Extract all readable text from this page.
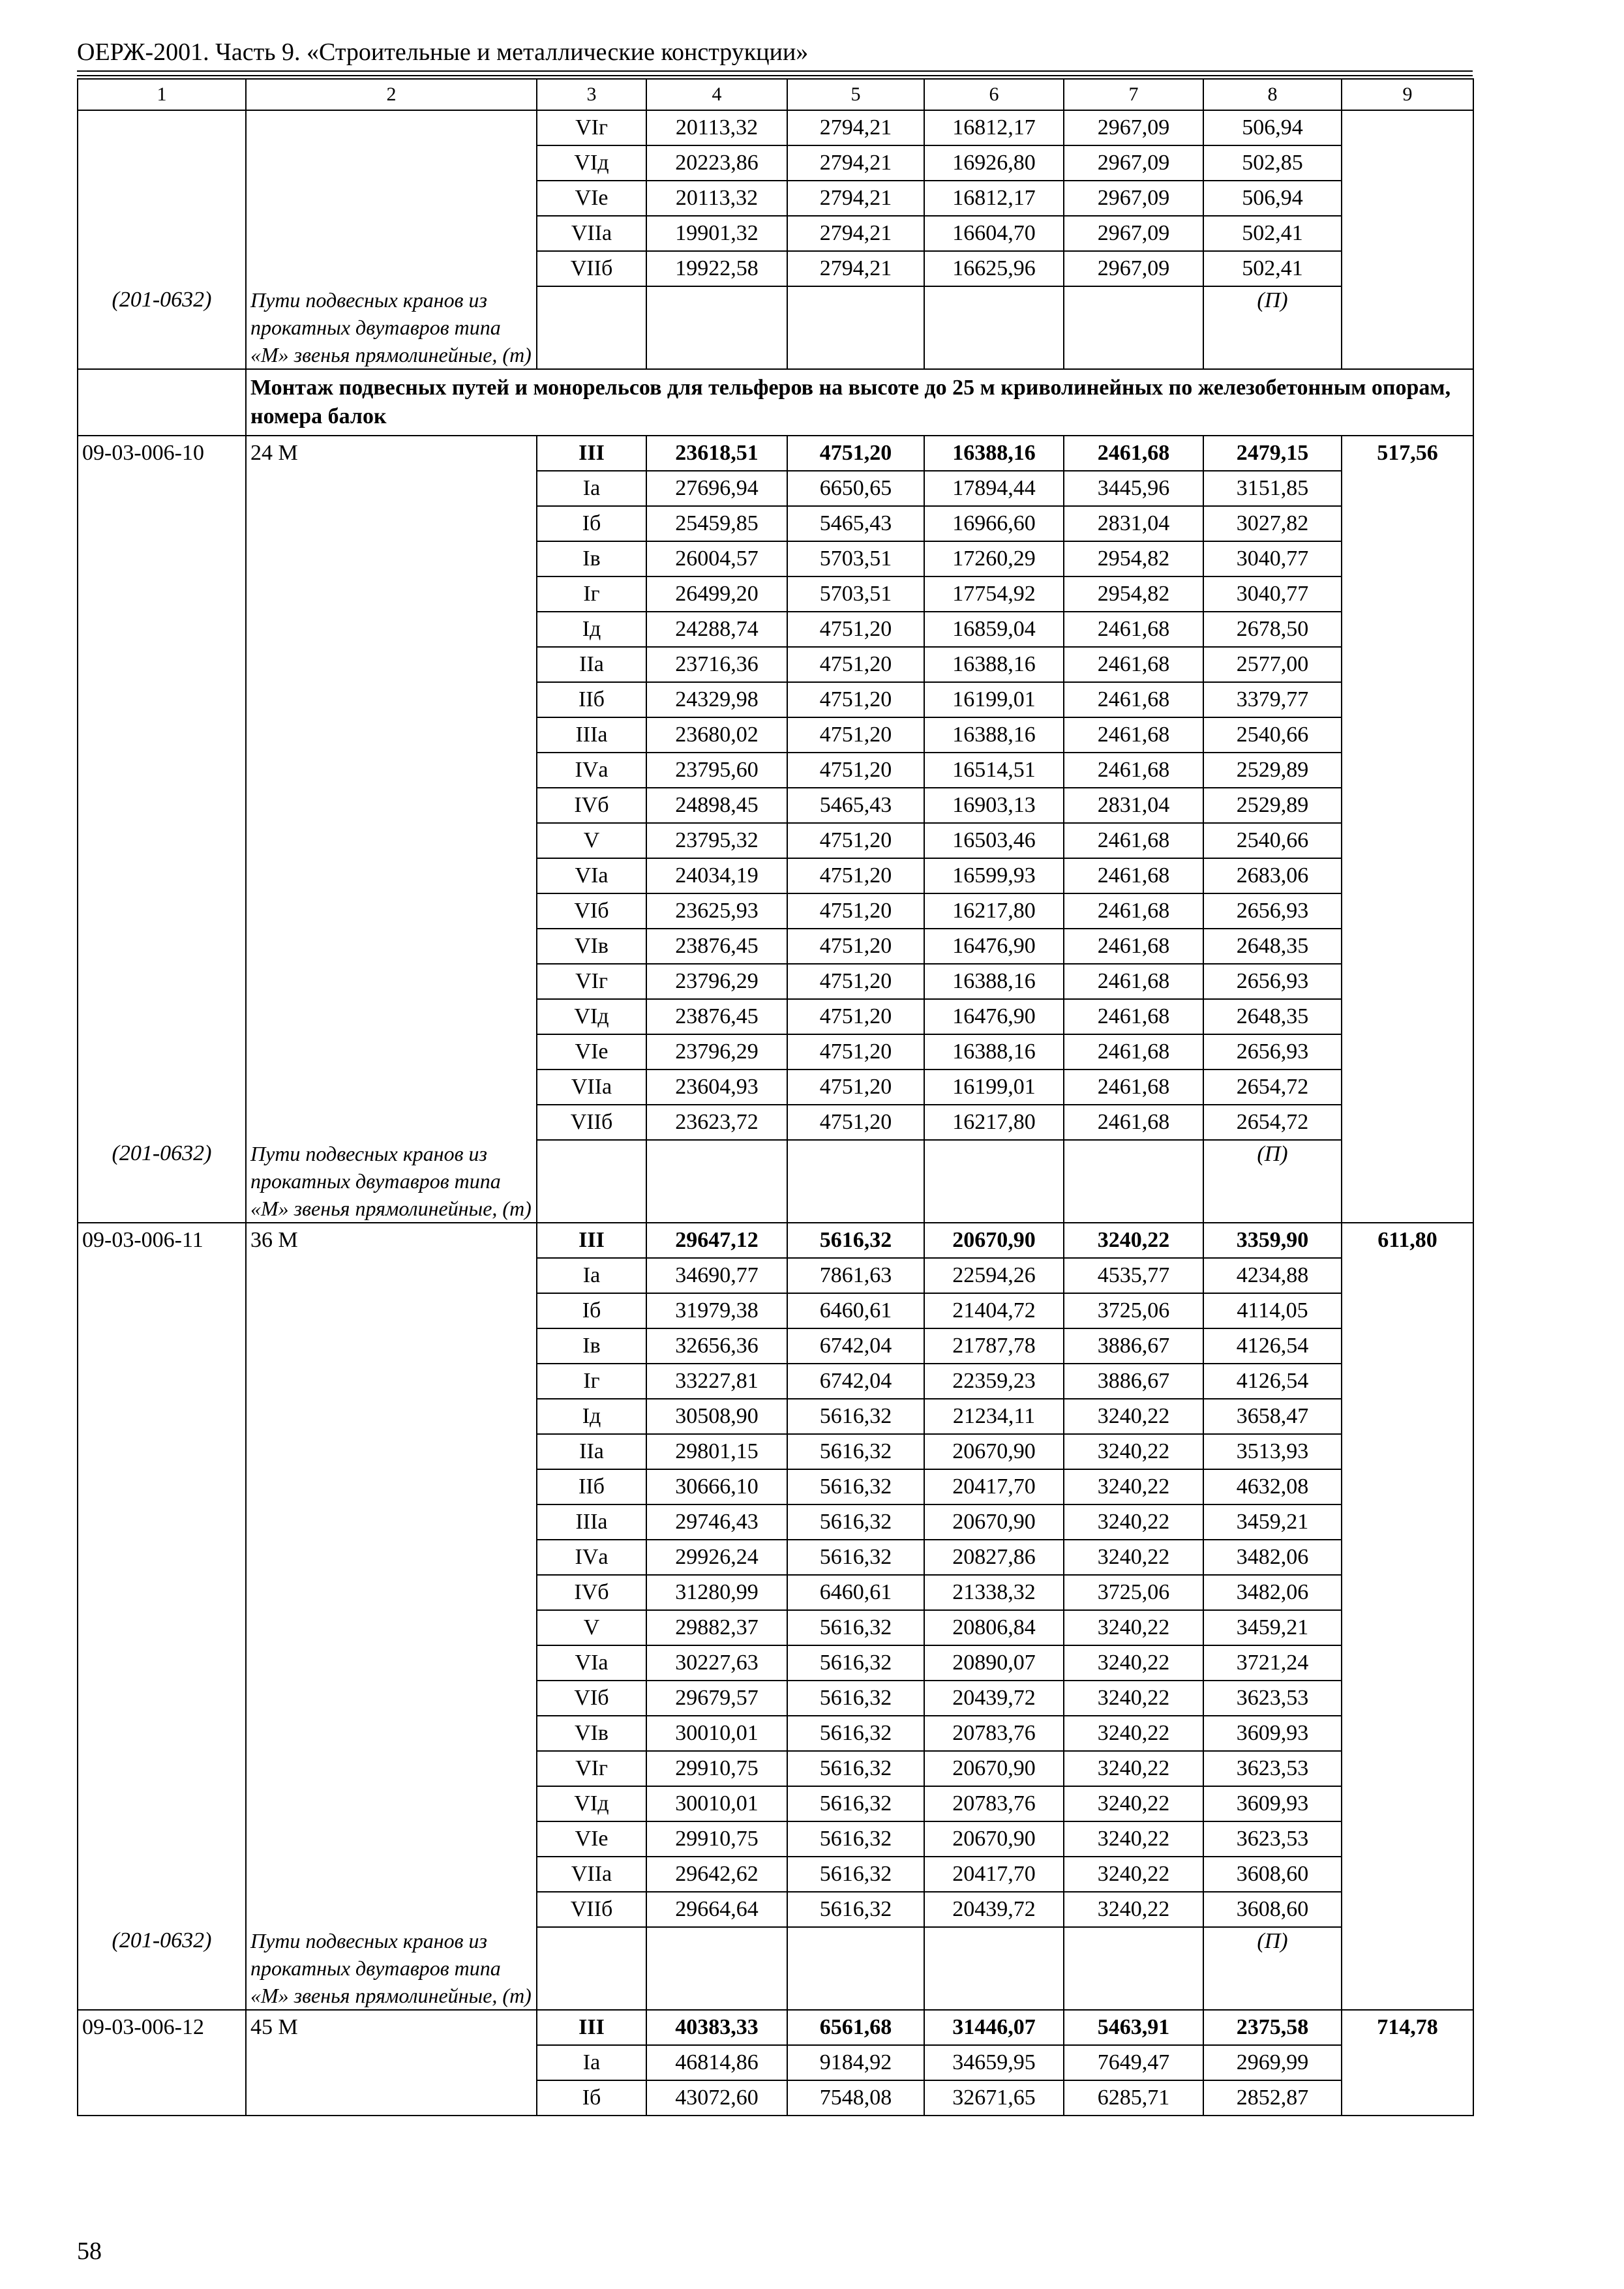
ОЕРЖ-2001. Часть 9. «Строительные и металлические конструкции»
1	2	3	4	5	6	7	8	9
		VIг	20113,32	2794,21	16812,17	2967,09	506,94	
		VIд	20223,86	2794,21	16926,80	2967,09	502,85	
		VIе	20113,32	2794,21	16812,17	2967,09	506,94	
		VIIа	19901,32	2794,21	16604,70	2967,09	502,41	
		VIIб	19922,58	2794,21	16625,96	2967,09	502,41	
(201-0632)	Пути подвесных кранов из прокатных двутавров типа «М» звенья прямолинейные, (т)						(П)	
	Монтаж подвесных путей и монорельсов для тельферов на высоте до 25 м криволинейных по железобетонным опорам, номера балок							
09-03-006-10	24 М	III	23618,51	4751,20	16388,16	2461,68	2479,15	517,56
		Iа	27696,94	6650,65	17894,44	3445,96	3151,85	
		Iб	25459,85	5465,43	16966,60	2831,04	3027,82	
		Iв	26004,57	5703,51	17260,29	2954,82	3040,77	
		Iг	26499,20	5703,51	17754,92	2954,82	3040,77	
		Iд	24288,74	4751,20	16859,04	2461,68	2678,50	
		IIа	23716,36	4751,20	16388,16	2461,68	2577,00	
		IIб	24329,98	4751,20	16199,01	2461,68	3379,77	
		IIIа	23680,02	4751,20	16388,16	2461,68	2540,66	
		IVа	23795,60	4751,20	16514,51	2461,68	2529,89	
		IVб	24898,45	5465,43	16903,13	2831,04	2529,89	
		V	23795,32	4751,20	16503,46	2461,68	2540,66	
		VIа	24034,19	4751,20	16599,93	2461,68	2683,06	
		VIб	23625,93	4751,20	16217,80	2461,68	2656,93	
		VIв	23876,45	4751,20	16476,90	2461,68	2648,35	
		VIг	23796,29	4751,20	16388,16	2461,68	2656,93	
		VIд	23876,45	4751,20	16476,90	2461,68	2648,35	
		VIе	23796,29	4751,20	16388,16	2461,68	2656,93	
		VIIа	23604,93	4751,20	16199,01	2461,68	2654,72	
		VIIб	23623,72	4751,20	16217,80	2461,68	2654,72	
(201-0632)	Пути подвесных кранов из прокатных двутавров типа «М» звенья прямолинейные, (т)						(П)	
09-03-006-11	36 М	III	29647,12	5616,32	20670,90	3240,22	3359,90	611,80
		Iа	34690,77	7861,63	22594,26	4535,77	4234,88	
		Iб	31979,38	6460,61	21404,72	3725,06	4114,05	
		Iв	32656,36	6742,04	21787,78	3886,67	4126,54	
		Iг	33227,81	6742,04	22359,23	3886,67	4126,54	
		Iд	30508,90	5616,32	21234,11	3240,22	3658,47	
		IIа	29801,15	5616,32	20670,90	3240,22	3513,93	
		IIб	30666,10	5616,32	20417,70	3240,22	4632,08	
		IIIа	29746,43	5616,32	20670,90	3240,22	3459,21	
		IVа	29926,24	5616,32	20827,86	3240,22	3482,06	
		IVб	31280,99	6460,61	21338,32	3725,06	3482,06	
		V	29882,37	5616,32	20806,84	3240,22	3459,21	
		VIа	30227,63	5616,32	20890,07	3240,22	3721,24	
		VIб	29679,57	5616,32	20439,72	3240,22	3623,53	
		VIв	30010,01	5616,32	20783,76	3240,22	3609,93	
		VIг	29910,75	5616,32	20670,90	3240,22	3623,53	
		VIд	30010,01	5616,32	20783,76	3240,22	3609,93	
		VIе	29910,75	5616,32	20670,90	3240,22	3623,53	
		VIIа	29642,62	5616,32	20417,70	3240,22	3608,60	
		VIIб	29664,64	5616,32	20439,72	3240,22	3608,60	
(201-0632)	Пути подвесных кранов из прокатных двутавров типа «М» звенья прямолинейные, (т)						(П)	
09-03-006-12	45 М	III	40383,33	6561,68	31446,07	5463,91	2375,58	714,78
		Iа	46814,86	9184,92	34659,95	7649,47	2969,99	
		Iб	43072,60	7548,08	32671,65	6285,71	2852,87	
58
